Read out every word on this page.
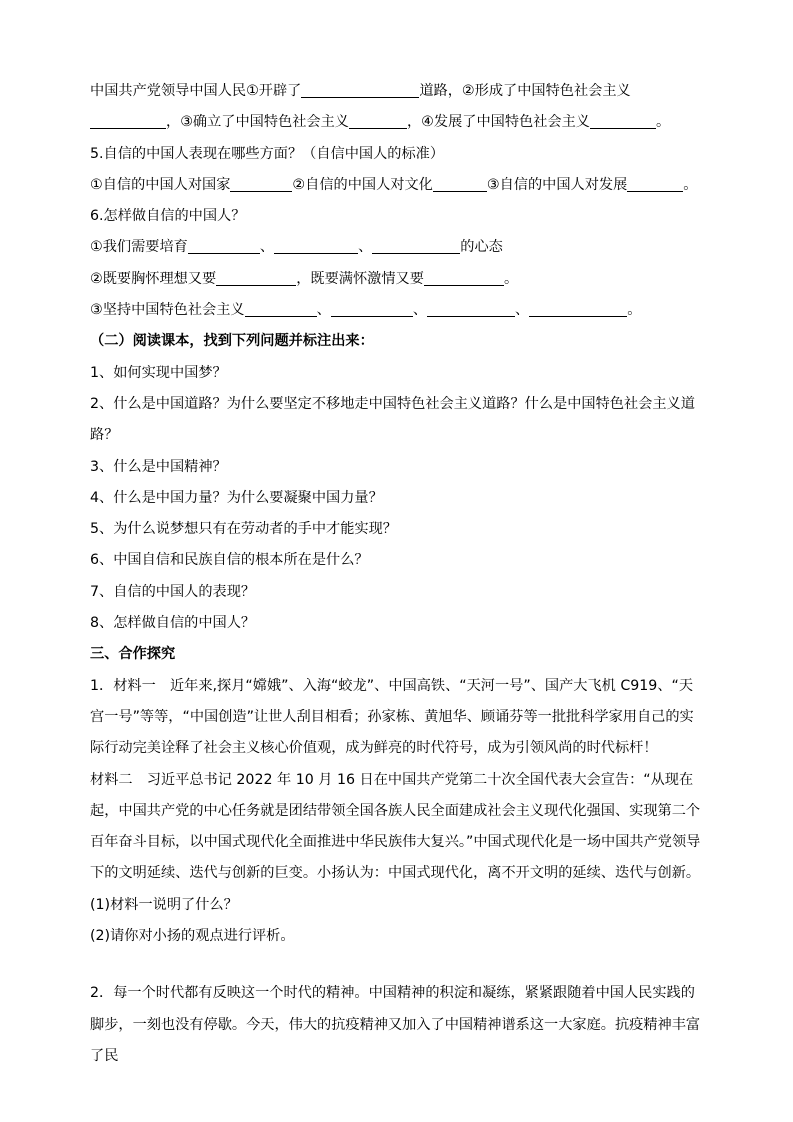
中国共产党领导中国人民①开辟了	道路，②形成了中国特色社会主义
，③确立了中国特色社会主义	，④发展了中国特色社会主义	。
5.自信的中国人表现在哪些方面？（自信中国人的标准）
①自信的中国人对国家	②自信的中国人对文化	③自信的中国人对发展	。
6.怎样做自信的中国人？
①我们需要培育	、	、	的心态
②既要胸怀理想又要	，既要满怀激情又要	。
③坚持中国特色社会主义	、	、	、	。
（二）阅读课本，找到下列问题并标注出来：
1、如何实现中国梦？
2、什么是中国道路？为什么要坚定不移地走中国特色社会主义道路？什么是中国特色社会主义道路？
3、什么是中国精神？
4、什么是中国力量？为什么要凝聚中国力量？
5、为什么说梦想只有在劳动者的手中才能实现？
6、中国自信和民族自信的根本所在是什么？
7、自信的中国人的表现？
8、怎样做自信的中国人？
三、合作探究
1．材料一　近年来,探月“嫦娥”、入海“蛟龙”、中国高铁、“天河一号”、国产大飞机 C919、“天宫一号”等等，“中国创造”让世人刮目相看；孙家栋、黄旭华、顾诵芬等一批批科学家用自己的实际行动完美诠释了社会主义核心价值观，成为鲜亮的时代符号，成为引领风尚的时代标杆！
材料二　习近平总书记 2022 年 10 月 16 日在中国共产党第二十次全国代表大会宣告：“从现在起，中国共产党的中心任务就是团结带领全国各族人民全面建成社会主义现代化强国、实现第二个百年奋斗目标，以中国式现代化全面推进中华民族伟大复兴。”中国式现代化是一场中国共产党领导下的文明延续、迭代与创新的巨变。小扬认为：中国式现代化，离不开文明的延续、迭代与创新。
(1)材料一说明了什么？
(2)请你对小扬的观点进行评析。
2．每一个时代都有反映这一个时代的精神。中国精神的积淀和凝练，紧紧跟随着中国人民实践的脚步，一刻也没有停歇。今天，伟大的抗疫精神又加入了中国精神谱系这一大家庭。抗疫精神丰富了民
